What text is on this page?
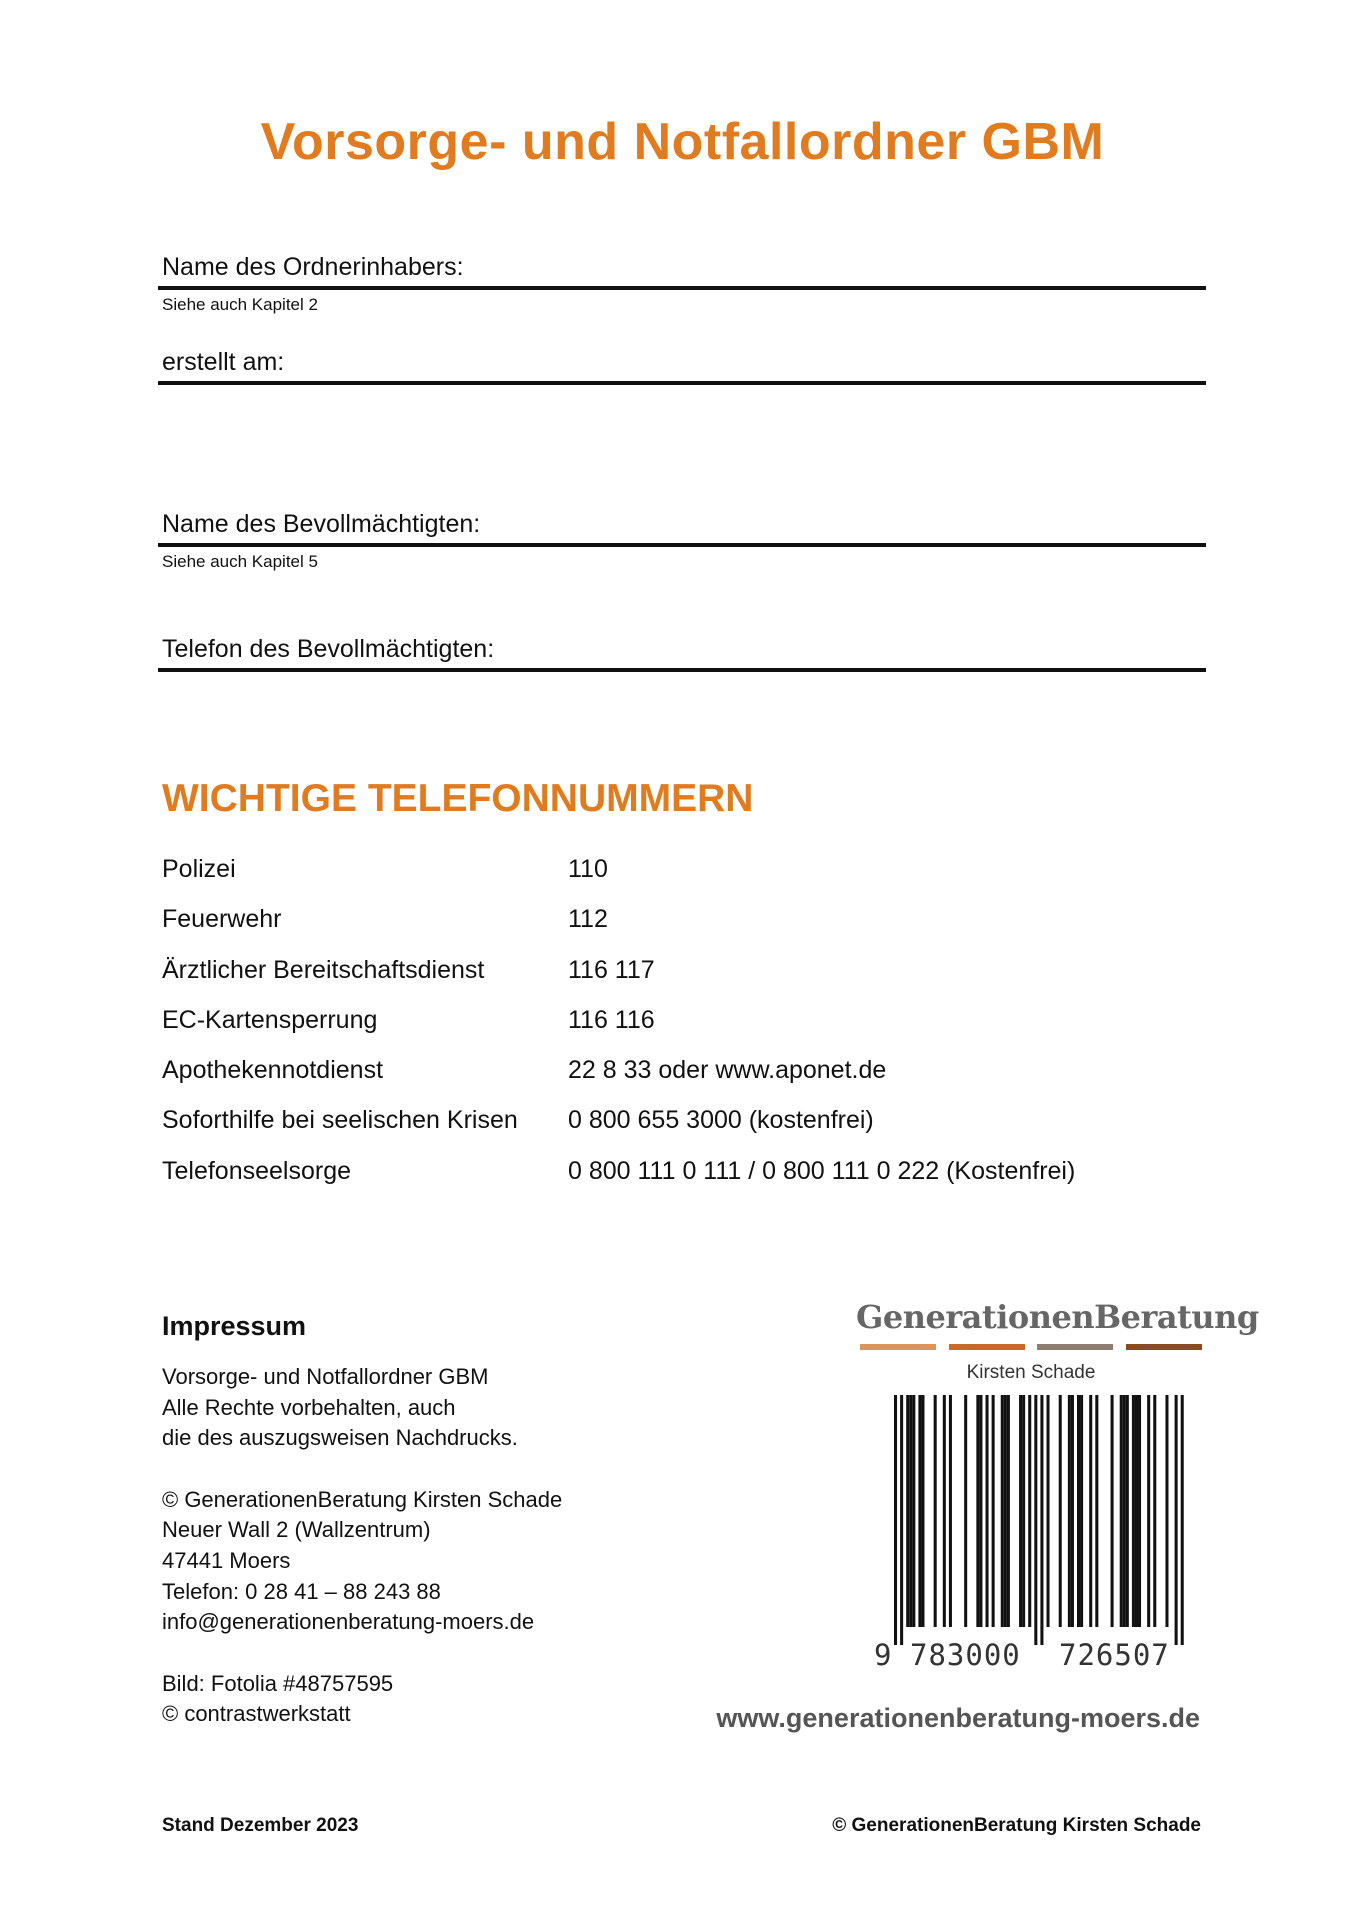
Vorsorge- und Notfallordner GBM
Name des Ordnerinhabers:
Siehe auch Kapitel 2
erstellt am:
Name des Bevollmächtigten:
Siehe auch Kapitel 5
Telefon des Bevollmächtigten:
WICHTIGE TELEFONNUMMERN
Polizei	110
Feuerwehr	112
Ärztlicher Bereitschaftsdienst	116 117
EC-Kartensperrung	116 116
Apothekennotdienst	22 8 33 oder www.aponet.de
Soforthilfe bei seelischen Krisen 0 800 655 3000 (kostenfrei)
Telefonseelsorge	0 800 111 0 111 / 0 800 111 0 222 (Kostenfrei)
Impressum
Vorsorge- und Notfallordner GBM
Alle Rechte vorbehalten, auch
die des auszugsweisen Nachdrucks.
© GenerationenBeratung Kirsten Schade
Neuer Wall 2 (Wallzentrum)
47441 Moers
Telefon: 0 28 41 – 88 243 88
info@generationenberatung-moers.de
Bild: Fotolia #48757595
© contrastwerkstatt
GenerationenBeratung
Kirsten Schade
9 783000 726507
www.generationenberatung-moers.de
Stand Dezember 2023	© GenerationenBeratung Kirsten Schade
